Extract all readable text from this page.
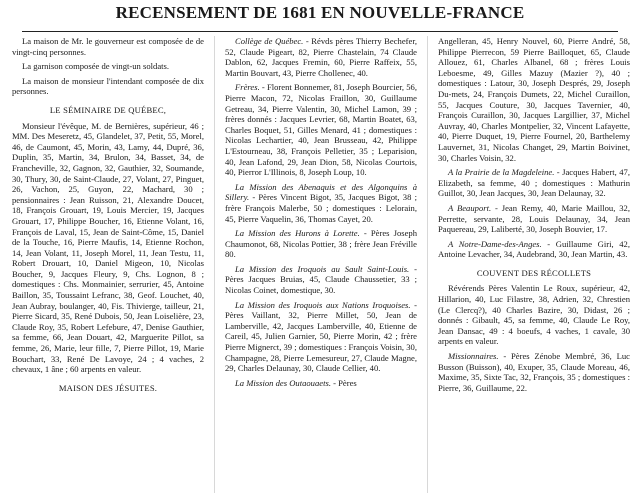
RECENSEMENT DE 1681 EN NOUVELLE-FRANCE

La maison de Mr. le gouverneur est composée de de vingt-cinq personnes.

La garnison composée de vingt-un soldats.

La maison de monsieur l'intendant composée de dix personnes.

LE SÉMINAIRE DE QUÉBEC,

Monsieur l'évêque, M. de Bernières, supérieur, 46 ; MM. Des Meseretz, 45, Glandelet, 37, Petit, 55, Morel, 46, de Caumont, 45, Morin, 43, Lamy, 44, Dupré, 36, Duplin, 35, Martin, 34, Brulon, 34, Basset, 34, de Francheville, 32, Gagnon, 32, Gauthier, 32, Soumande, 30, Thury, 30, de Saint-Claude, 27, Volant, 27, Pinguet, 26, Vachon, 25, Guyon, 22, Machard, 30 ; pensionnaires : Jean Ruisson, 21, Alexandre Doucet, 18, François Grouart, 19, Louis Mercier, 19, Jacques Grouart, 17, Philippe Boucher, 16, Etienne Volant, 16, François de Laval, 15, Jean de Saint-Côme, 15, Daniel de la Touche, 16, Pierre Maufis, 14, Etienne Rochon, 14, Jean Volant, 11, Joseph Morel, 11, Jean Testu, 11, Robert Drouart, 10, Daniel Migeon, 10, Nicolas Boucher, 9, Jacques Fleury, 9, Chs. Lognon, 8 ; domestiques : Chs. Monmainier, serrurier, 45, Antoine Baillon, 35, Toussaint Lefranc, 38, Geof. Louchet, 40, Jean Aubray, boulanger, 40, Fis. Thivierge, tailleur, 21, Pierre Sicard, 35, René Dubois, 50, Jean Loiselière, 23, Claude Roy, 35, Robert Lefebure, 47, Denise Gauthier, sa femme, 66, Jean Douart, 42, Marguerite Pillot, sa femme, 26, Marie, leur fille, 7, Pierre Pillot, 19, Marie Bouchart, 33, René De Lavoye, 24 ; 4 vaches, 2 chevaux, 1 âne ; 60 arpents en valeur.

MAISON DES JÉSUITES.

Collège de Québec. - Révds pères Thierry Bechefer, 52, Claude Pigeart, 82, Pierre Chastelain, 74 Claude Dablon, 62, Jacques Fremin, 60, Pierre Raffeix, 55, Martin Bouvart, 43, Pierre Chollenec, 40.

Frères. - Florent Bonnemer, 81, Joseph Bourcier, 56, Pierre Macon, 72, Nicolas Fraillon, 30, Guillaume Getreau, 34, Pierre Valentin, 30, Michel Lamon, 39 ; frères donnés : Jacques Levrier, 68, Martin Boatet, 63, Charles Boquet, 51, Gilles Menard, 41 ; domestiques : Nicolas Lechartier, 40, Jean Brusseau, 42, Philippe L'Estourneau, 38, François Pelletier, 35 ; Leparision, 40, Jean Lafond, 29, Jean Dion, 58, Nicolas Courtois, 40, Pierror L'Illinois, 8, Joseph Loup, 10.

La Mission des Abenaquis et des Algonquins à Sillery. - Pères Vincent Bigot, 35, Jacques Bigot, 38 ; frère François Malerbe, 50 ; domestiques : Lelorain, 45, Pierre Vaquelin, 36, Thomas Cayet, 20.

La Mission des Hurons à Lorette. - Pères Joseph Chaumonot, 68, Nicolas Pottier, 38 ; frère Jean Fréville 80.

La Mission des Iroquois au Sault Saint-Louis. - Pères Jacques Bruias, 45, Claude Chaussetier, 33 ; Nicolas Coinet, domestique, 30.

La Mission des Iroquois aux Nations Iroquoises. - Pères Vaillant, 32, Pierre Millet, 50, Jean de Lamberville, 42, Jacques Lamberville, 40, Etienne de Careil, 45, Julien Garnier, 50, Pierre Morin, 42 ; frère Pierre Mignerct, 39 ; domestiques : François Voisin, 30, Champagne, 28, Pierre Lemesureur, 27, Claude Magne, 29, Charles Delaunay, 30, Claude Cellier, 40.

La Mission des Outaouaets. - Pères

Angelleran, 45, Henry Nouvel, 60, Pierre André, 58, Philippe Pierrecon, 59 Pierre Bailloquet, 65, Claude Allouez, 61, Charles Albanel, 68 ; frères Louis Leboesme, 49, Gilles Mazuy (Mazier ?), 40 ; domestiques : Latour, 30, Joseph Després, 29, Joseph Du-mets, 24, François Dumets, 22, Michel Curaillon, 55, Jacques Couture, 30, Jacques Tavernier, 40, François Curaillon, 30, Jacques Largillier, 37, Michel Auvray, 40, Charles Montpelier, 32, Vincent Lafayette, 40, Pierre Duquet, 19, Pierre Fournel, 20, Barthelemy Lauvernet, 31, Nicolas Changet, 29, Martin Boivinet, 30, Charles Voisin, 32.

A la Prairie de la Magdeleine. - Jacques Habert, 47, Elizabeth, sa femme, 40 ; domestiques : Mathurin Guillot, 30, Jean Jacques, 30, Jean Delaunay, 32.

A Beauport. - Jean Remy, 40, Marie Maillou, 32, Perrette, servante, 28, Louis Delaunay, 34, Jean Paquereau, 29, Laliberté, 30, Joseph Bouvier, 17.

A Notre-Dame-des-Anges. - Guillaume Giri, 42, Antoine Levacher, 34, Audebrand, 30, Jean Martin, 43.

COUVENT DES RÉCOLLETS

Révérends Pères Valentin Le Roux, supérieur, 42, Hillarion, 40, Luc Filastre, 38, Adrien, 32, Chrestien (Le Clercq?), 40 Charles Bazire, 30, Didast, 26 ; donnés : Gibault, 45, sa femme, 40, Claude Le Roy, Jean Dansac, 49 : 4 boeufs, 4 vaches, 1 cavale, 30 arpents en valeur.

Missionnaires. - Pères Zénobe Membré, 36, Luc Busson (Buisson), 40, Exuper, 35, Claude Moreau, 46, Maxime, 35, Sixte Tac, 32, François, 35 ; domestiques : Pierre, 36, Guillaume, 22.
